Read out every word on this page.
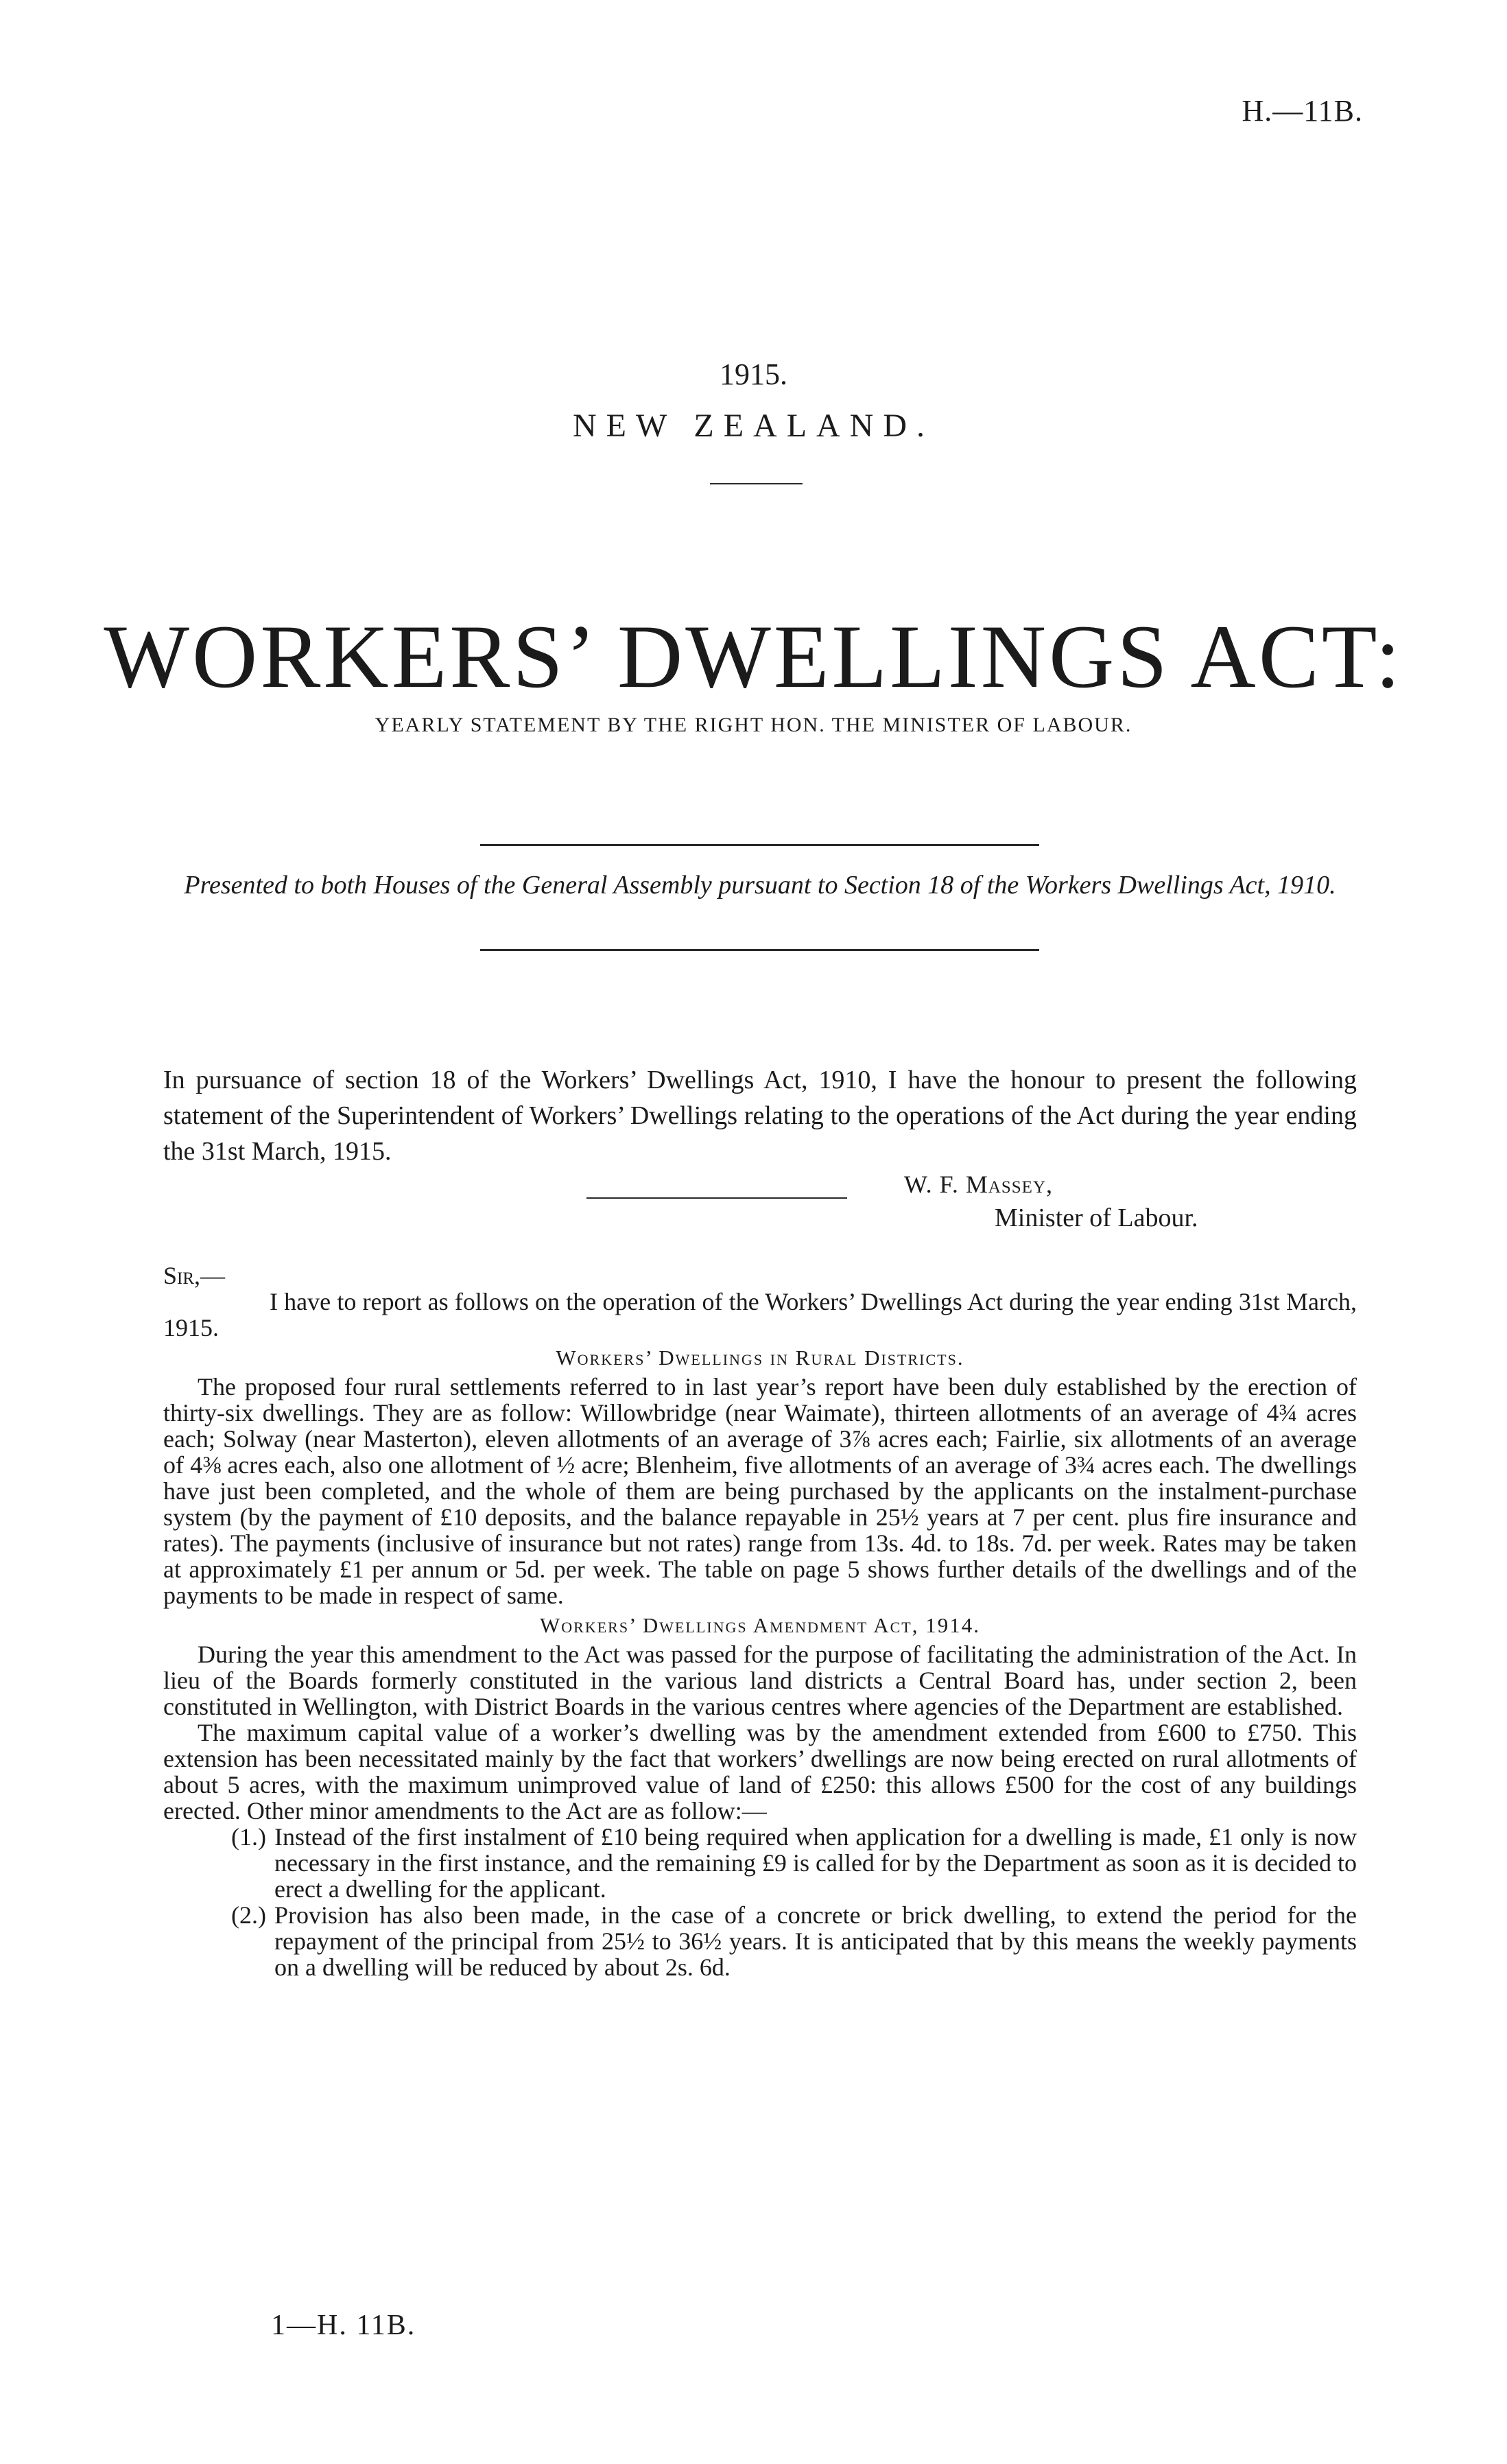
H.—11B.
1915.
NEW ZEALAND.
WORKERS’ DWELLINGS ACT:
YEARLY STATEMENT BY THE RIGHT HON. THE MINISTER OF LABOUR.
Presented to both Houses of the General Assembly pursuant to Section 18 of the Workers Dwellings Act, 1910.
In pursuance of section 18 of the Workers’ Dwellings Act, 1910, I have the honour to present the following statement of the Superintendent of Workers’ Dwellings relating to the operations of the Act during the year ending the 31st March, 1915.
W. F. Massey,
Minister of Labour.

Sir,—

I have to report as follows on the operation of the Workers’ Dwellings Act during the year ending 31st March, 1915.

Workers’ Dwellings in Rural Districts.

The proposed four rural settlements referred to in last year’s report have been duly established by the erection of thirty-six dwellings. They are as follow: Willowbridge (near Waimate), thirteen allotments of an average of 4¾ acres each; Solway (near Masterton), eleven allotments of an average of 3⅞ acres each; Fairlie, six allotments of an average of 4⅜ acres each, also one allotment of ½ acre; Blenheim, five allotments of an average of 3¾ acres each. The dwellings have just been completed, and the whole of them are being purchased by the applicants on the instalment-purchase system (by the payment of £10 deposits, and the balance repayable in 25½ years at 7 per cent. plus fire insurance and rates). The payments (inclusive of insurance but not rates) range from 13s. 4d. to 18s. 7d. per week. Rates may be taken at approximately £1 per annum or 5d. per week. The table on page 5 shows further details of the dwellings and of the payments to be made in respect of same.

Workers’ Dwellings Amendment Act, 1914.

During the year this amendment to the Act was passed for the purpose of facilitating the administration of the Act. In lieu of the Boards formerly constituted in the various land districts a Central Board has, under section 2, been constituted in Wellington, with District Boards in the various centres where agencies of the Department are established.

The maximum capital value of a worker’s dwelling was by the amendment extended from £600 to £750. This extension has been necessitated mainly by the fact that workers’ dwellings are now being erected on rural allotments of about 5 acres, with the maximum unimproved value of land of £250: this allows £500 for the cost of any buildings erected. Other minor amendments to the Act are as follow:—

(1.) Instead of the first instalment of £10 being required when application for a dwelling is made, £1 only is now necessary in the first instance, and the remaining £9 is called for by the Department as soon as it is decided to erect a dwelling for the applicant.
(2.) Provision has also been made, in the case of a concrete or brick dwelling, to extend the period for the repayment of the principal from 25½ to 36½ years. It is anticipated that by this means the weekly payments on a dwelling will be reduced by about 2s. 6d.
1—H. 11B.
